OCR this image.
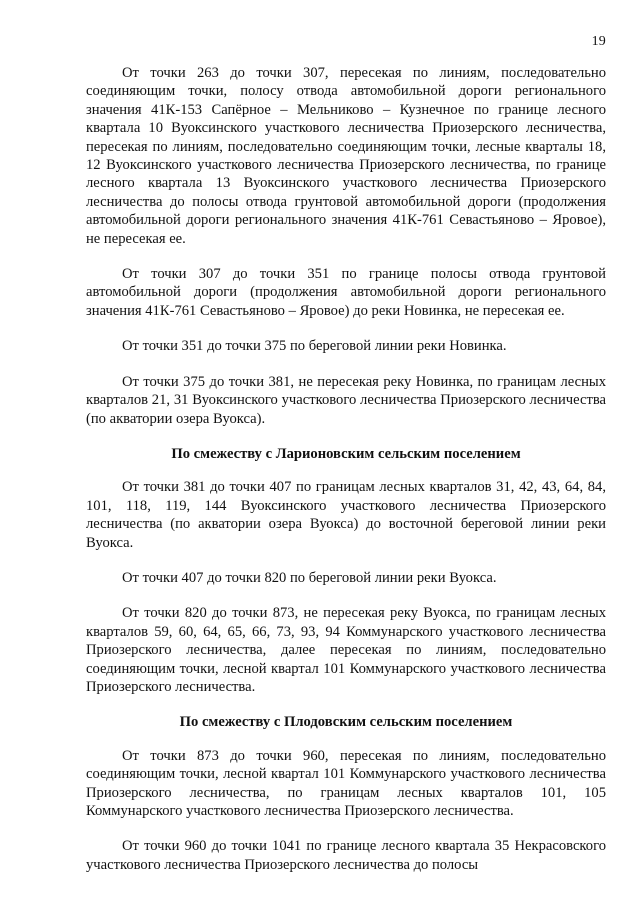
19

От точки 263 до точки 307, пересекая по линиям, последовательно соединяющим точки, полосу отвода автомобильной дороги регионального значения 41К-153 Сапёрное – Мельниково – Кузнечное по границе лесного квартала 10 Вуоксинского участкового лесничества Приозерского лесничества, пересекая по линиям, последовательно соединяющим точки, лесные кварталы 18, 12 Вуоксинского участкового лесничества Приозерского лесничества, по границе лесного квартала 13 Вуоксинского участкового лесничества Приозерского лесничества до полосы отвода грунтовой автомобильной дороги (продолжения автомобильной дороги регионального значения 41К-761 Севастьяново – Яровое), не пересекая ее.

От точки 307 до точки 351 по границе полосы отвода грунтовой автомобильной дороги (продолжения автомобильной дороги регионального значения 41К-761 Севастьяново – Яровое) до реки Новинка, не пересекая ее.

От точки 351 до точки 375 по береговой линии реки Новинка.

От точки 375 до точки 381, не пересекая реку Новинка, по границам лесных кварталов 21, 31 Вуоксинского участкового лесничества Приозерского лесничества (по акватории озера Вуокса).

По смежеству с Ларионовским сельским поселением

От точки 381 до точки 407 по границам лесных кварталов 31, 42, 43, 64, 84, 101, 118, 119, 144 Вуоксинского участкового лесничества Приозерского лесничества (по акватории озера Вуокса) до восточной береговой линии реки Вуокса.

От точки 407 до точки 820 по береговой линии реки Вуокса.

От точки 820 до точки 873, не пересекая реку Вуокса, по границам лесных кварталов 59, 60, 64, 65, 66, 73, 93, 94 Коммунарского участкового лесничества Приозерского лесничества, далее пересекая по линиям, последовательно соединяющим точки, лесной квартал 101 Коммунарского участкового лесничества Приозерского лесничества.

По смежеству с Плодовским сельским поселением

От точки 873 до точки 960, пересекая по линиям, последовательно соединяющим точки, лесной квартал 101 Коммунарского участкового лесничества Приозерского лесничества, по границам лесных кварталов 101, 105 Коммунарского участкового лесничества Приозерского лесничества.

От точки 960 до точки 1041 по границе лесного квартала 35 Некрасовского участкового лесничества Приозерского лесничества до полосы
